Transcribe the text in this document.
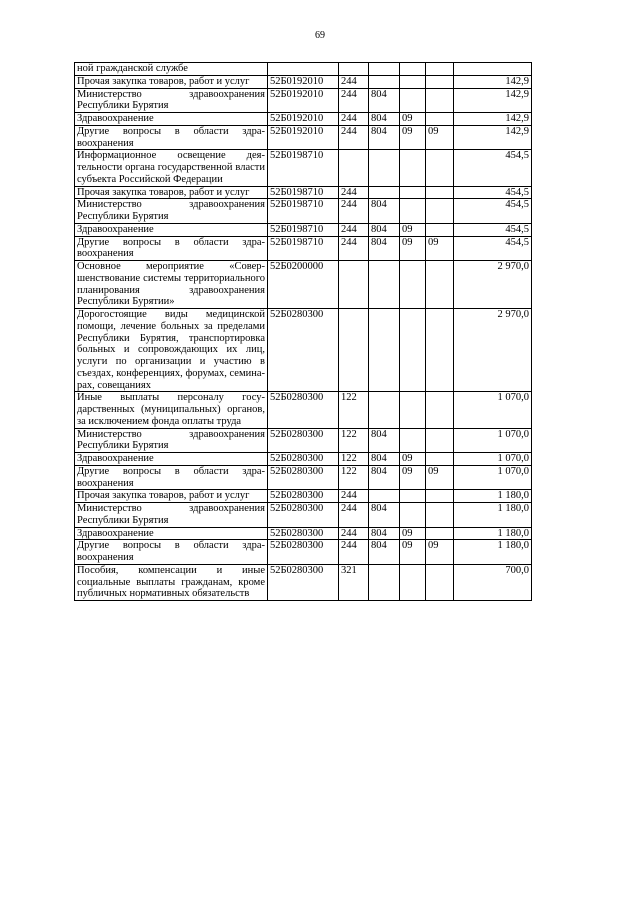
69
ной гражданской службе						
Прочая закупка товаров, работ и услуг	52Б0192010	244				142,9
Министерство здравоохранения Республики Бурятия	52Б0192010	244	804			142,9
Здравоохранение	52Б0192010	244	804	09		142,9
Другие вопросы в области здравоохранения	52Б0192010	244	804	09	09	142,9
Информационное освещение деятельности органа государственной власти субъекта Российской Федерации	52Б0198710					454,5
Прочая закупка товаров, работ и услуг	52Б0198710	244				454,5
Министерство здравоохранения Республики Бурятия	52Б0198710	244	804			454,5
Здравоохранение	52Б0198710	244	804	09		454,5
Другие вопросы в области здравоохранения	52Б0198710	244	804	09	09	454,5
Основное мероприятие «Совершенствование системы территориального планирования здравоохранения Республики Бурятии»	52Б0200000					2 970,0
Дорогостоящие виды медицинской помощи, лечение больных за пределами Республики Бурятия, транспортировка больных и сопровождающих их лиц, услуги по организации и участию в съездах, конференциях, форумах, семинарах, совещаниях	52Б0280300					2 970,0
Иные выплаты персоналу государственных (муниципальных) органов, за исключением фонда оплаты труда	52Б0280300	122				1 070,0
Министерство здравоохранения Республики Бурятия	52Б0280300	122	804			1 070,0
Здравоохранение	52Б0280300	122	804	09		1 070,0
Другие вопросы в области здравоохранения	52Б0280300	122	804	09	09	1 070,0
Прочая закупка товаров, работ и услуг	52Б0280300	244				1 180,0
Министерство здравоохранения Республики Бурятия	52Б0280300	244	804			1 180,0
Здравоохранение	52Б0280300	244	804	09		1 180,0
Другие вопросы в области здравоохранения	52Б0280300	244	804	09	09	1 180,0
Пособия, компенсации и иные социальные выплаты гражданам, кроме публичных нормативных обязательств	52Б0280300	321				700,0
